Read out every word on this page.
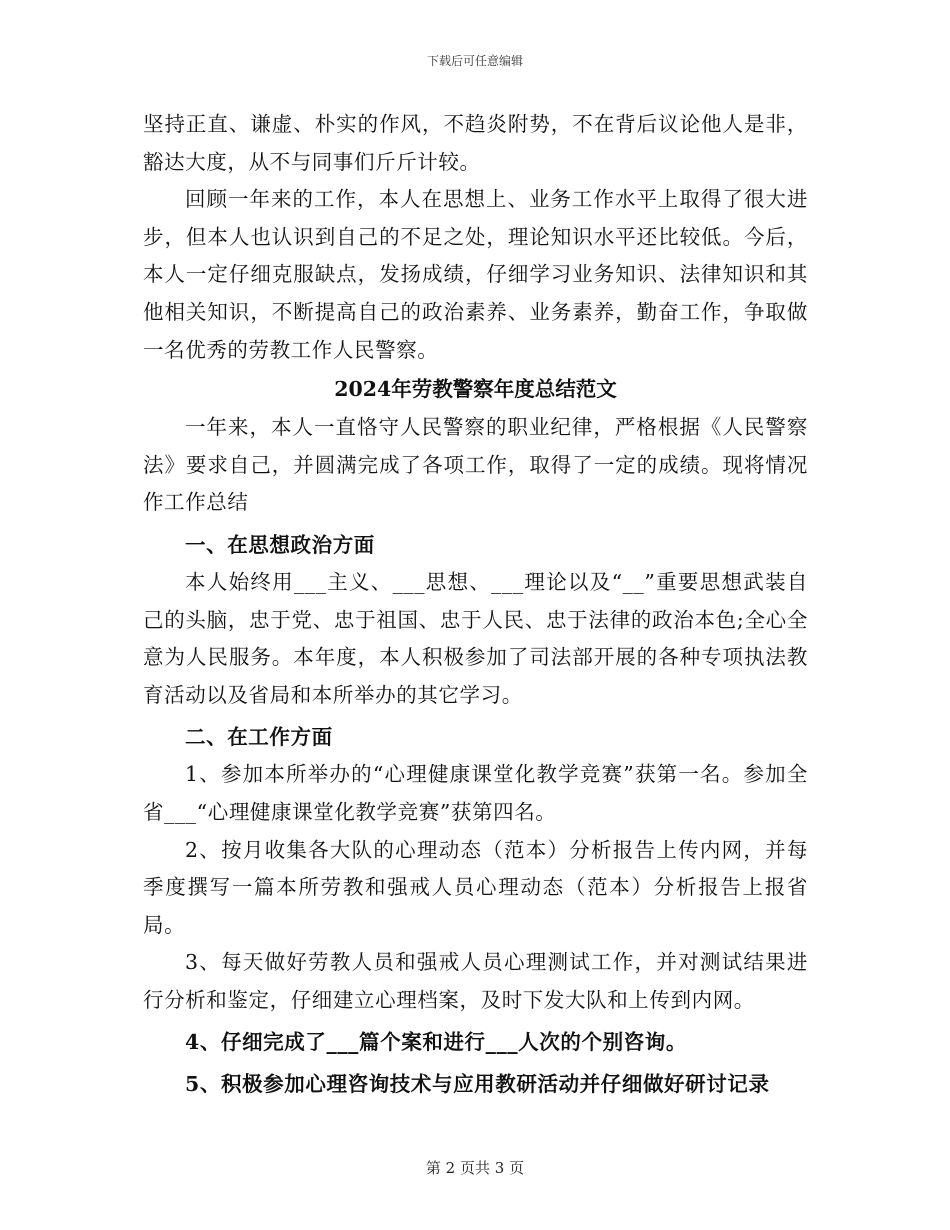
下载后可任意编辑

坚持正直、谦虚、朴实的作风，不趋炎附势，不在背后议论他人是非，豁达大度，从不与同事们斤斤计较。

回顾一年来的工作，本人在思想上、业务工作水平上取得了很大进步，但本人也认识到自己的不足之处，理论知识水平还比较低。今后，本人一定仔细克服缺点，发扬成绩，仔细学习业务知识、法律知识和其他相关知识，不断提高自己的政治素养、业务素养，勤奋工作，争取做一名优秀的劳教工作人民警察。

2024年劳教警察年度总结范文

一年来，本人一直恪守人民警察的职业纪律，严格根据《人民警察法》要求自己，并圆满完成了各项工作，取得了一定的成绩。现将情况作工作总结

一、在思想政治方面

本人始终用___主义、___思想、___理论以及“__”重要思想武装自己的头脑，忠于党、忠于祖国、忠于人民、忠于法律的政治本色;全心全意为人民服务。本年度，本人积极参加了司法部开展的各种专项执法教育活动以及省局和本所举办的其它学习。

二、在工作方面

1、参加本所举办的“心理健康课堂化教学竞赛”获第一名。参加全省___“心理健康课堂化教学竞赛”获第四名。

2、按月收集各大队的心理动态（范本）分析报告上传内网，并每季度撰写一篇本所劳教和强戒人员心理动态（范本）分析报告上报省局。

3、每天做好劳教人员和强戒人员心理测试工作，并对测试结果进行分析和鉴定，仔细建立心理档案，及时下发大队和上传到内网。

4、仔细完成了___篇个案和进行___人次的个别咨询。

5、积极参加心理咨询技术与应用教研活动并仔细做好研讨记录

第 2 页共 3 页
